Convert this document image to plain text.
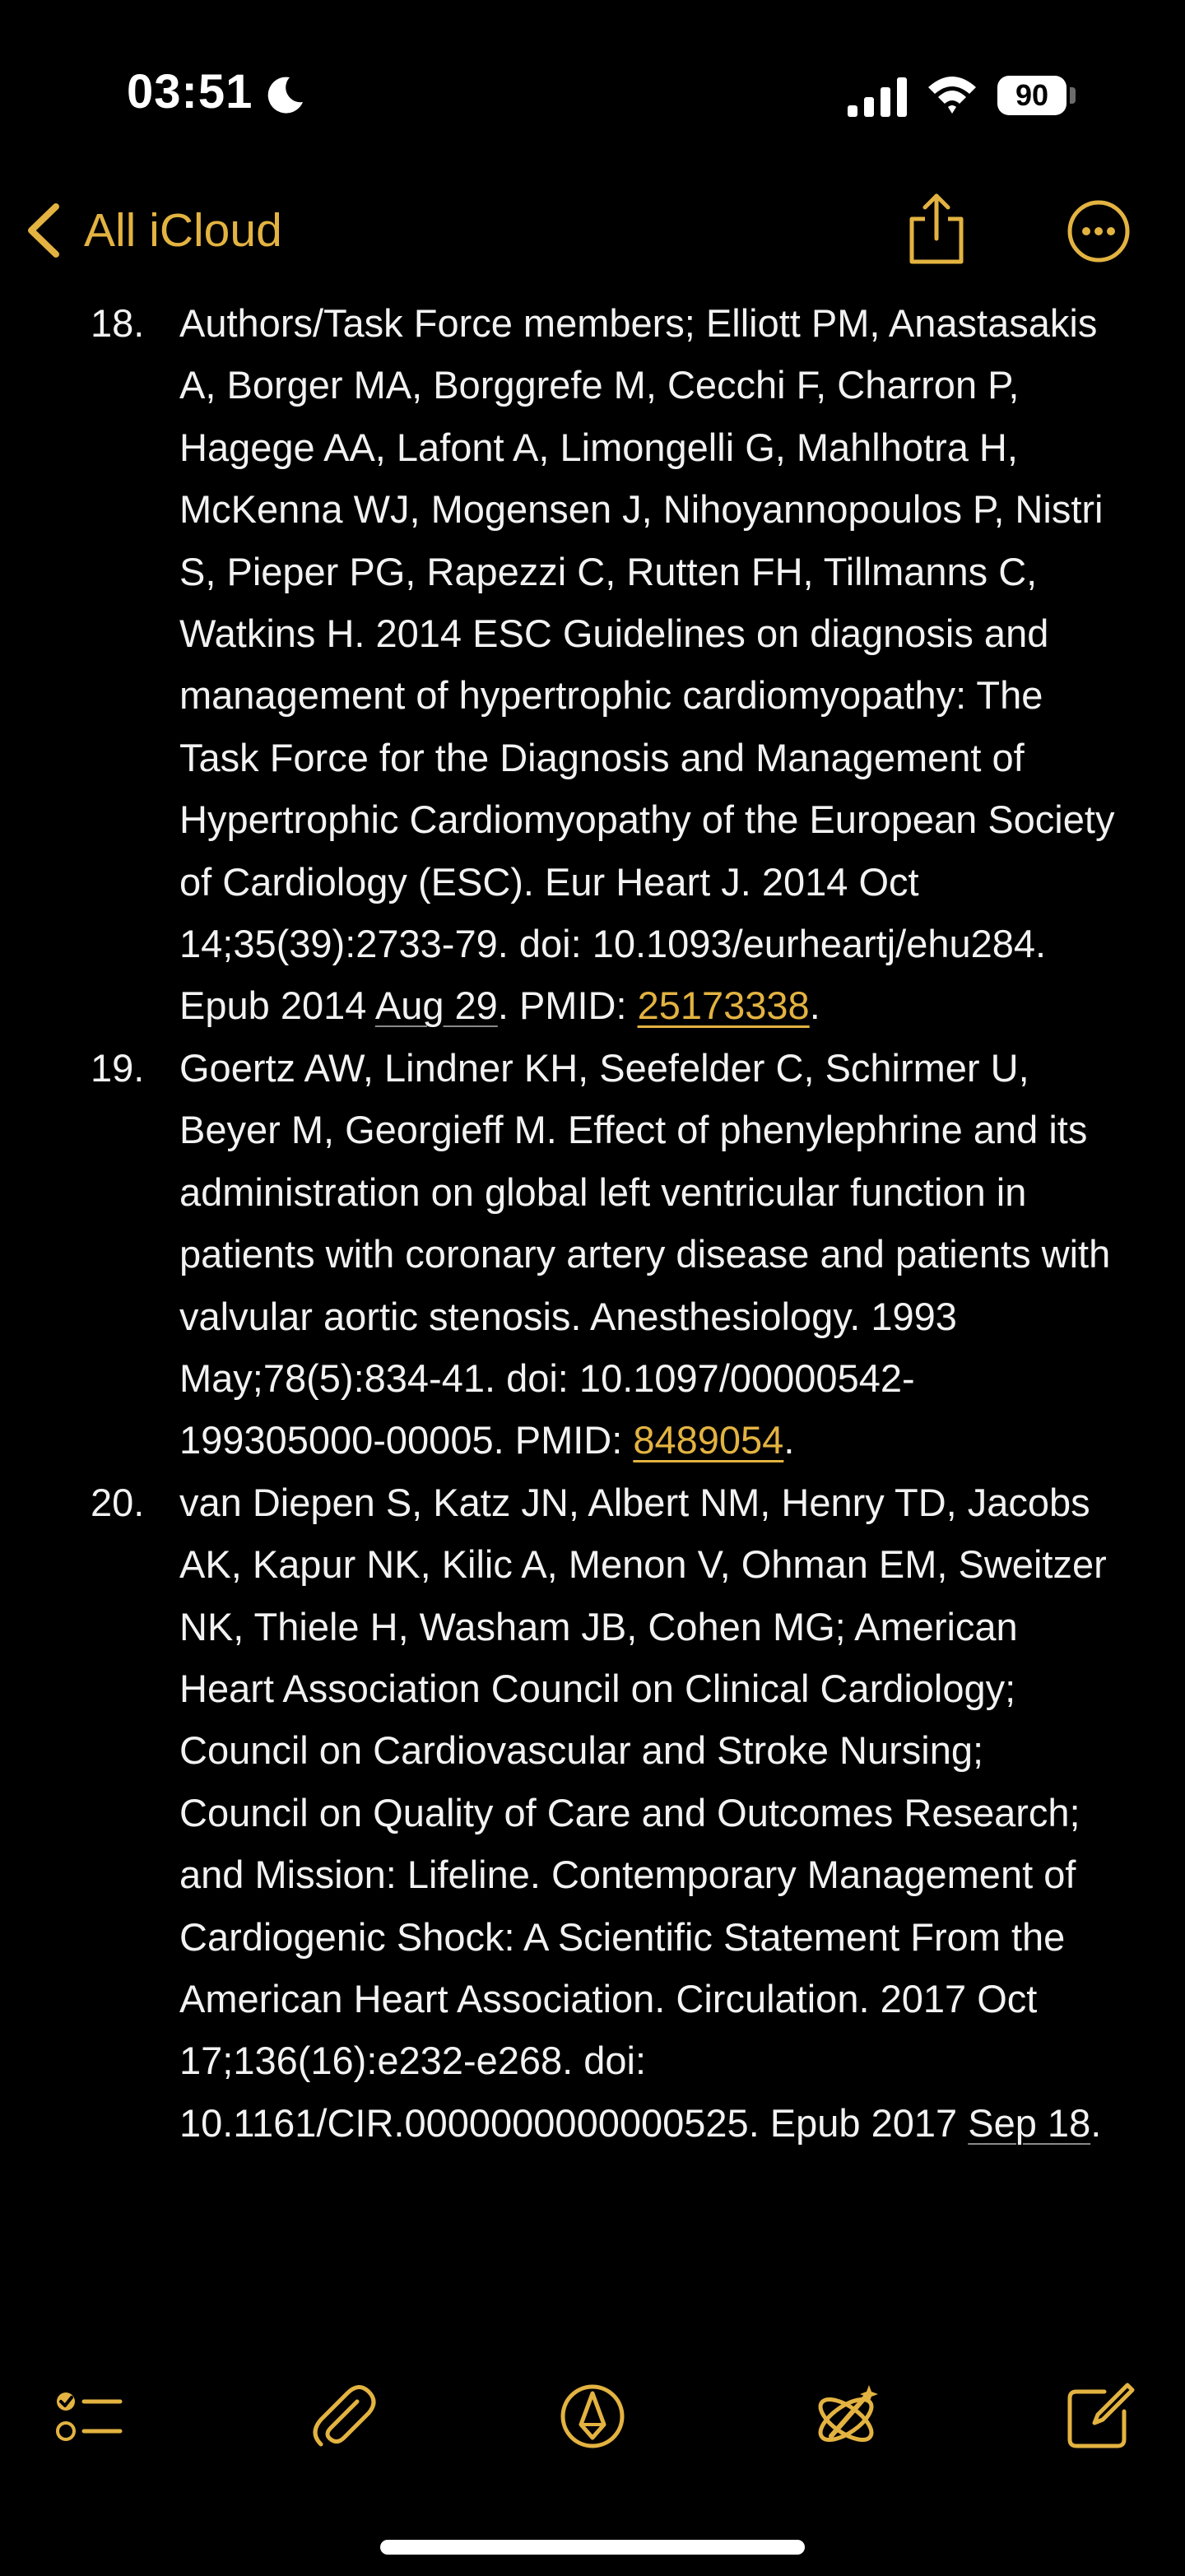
03:51	90
All iCloud
18. Authors/Task Force members; Elliott PM, Anastasakis A, Borger MA, Borggrefe M, Cecchi F, Charron P, Hagege AA, Lafont A, Limongelli G, Mahlhotra H, McKenna WJ, Mogensen J, Nihoyannopoulos P, Nistri S, Pieper PG, Rapezzi C, Rutten FH, Tillmanns C, Watkins H. 2014 ESC Guidelines on diagnosis and management of hypertrophic cardiomyopathy: The Task Force for the Diagnosis and Management of Hypertrophic Cardiomyopathy of the European Society of Cardiology (ESC). Eur Heart J. 2014 Oct 14;35(39):2733-79. doi: 10.1093/eurheartj/ehu284. Epub 2014 Aug 29. PMID: 25173338.
19. Goertz AW, Lindner KH, Seefelder C, Schirmer U, Beyer M, Georgieff M. Effect of phenylephrine and its administration on global left ventricular function in patients with coronary artery disease and patients with valvular aortic stenosis. Anesthesiology. 1993 May;78(5):834-41. doi: 10.1097/00000542-199305000-00005. PMID: 8489054.
20. van Diepen S, Katz JN, Albert NM, Henry TD, Jacobs AK, Kapur NK, Kilic A, Menon V, Ohman EM, Sweitzer NK, Thiele H, Washam JB, Cohen MG; American Heart Association Council on Clinical Cardiology; Council on Cardiovascular and Stroke Nursing; Council on Quality of Care and Outcomes Research; and Mission: Lifeline. Contemporary Management of Cardiogenic Shock: A Scientific Statement From the American Heart Association. Circulation. 2017 Oct 17;136(16):e232-e268. doi: 10.1161/CIR.0000000000000525. Epub 2017 Sep 18.
